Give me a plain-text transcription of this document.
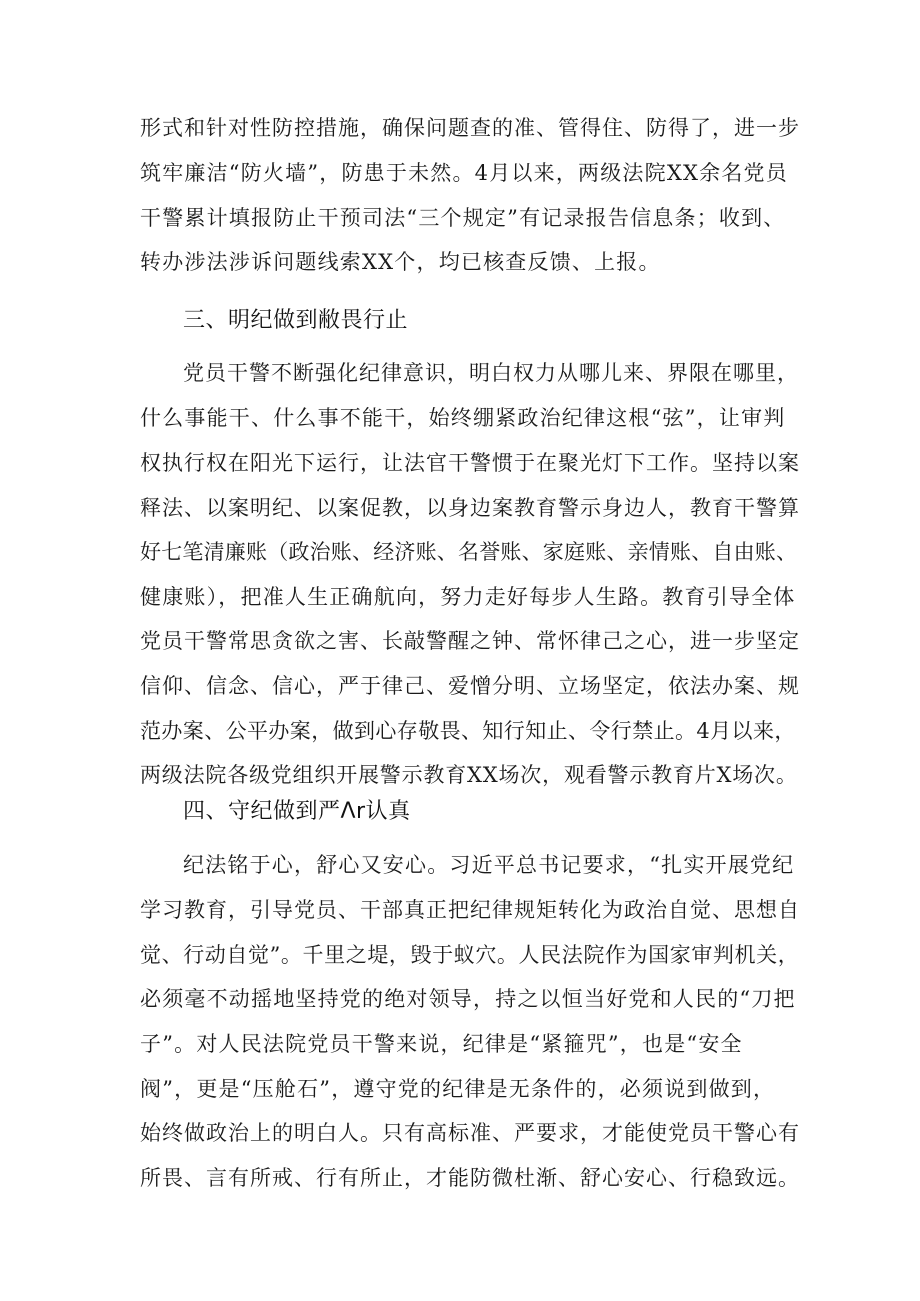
形式和针对性防控措施，确保问题查的准、管得住、防得了，进一步
筑牢廉洁“防火墙”，防患于未然。4月以来，两级法院XX余名党员
干警累计填报防止干预司法“三个规定”有记录报告信息条；收到、
转办涉法涉诉问题线索XX个，均已核查反馈、上报。
三、明纪做到敝畏行止
党员干警不断强化纪律意识，明白权力从哪儿来、界限在哪里，
什么事能干、什么事不能干，始终绷紧政治纪律这根“弦”，让审判
权执行权在阳光下运行，让法官干警惯于在聚光灯下工作。坚持以案
释法、以案明纪、以案促教，以身边案教育警示身边人，教育干警算
好七笔清廉账（政治账、经济账、名誉账、家庭账、亲情账、自由账、
健康账），把准人生正确航向，努力走好每步人生路。教育引导全体
党员干警常思贪欲之害、长敲警醒之钟、常怀律己之心，进一步坚定
信仰、信念、信心，严于律己、爱憎分明、立场坚定，依法办案、规
范办案、公平办案，做到心存敬畏、知行知止、令行禁止。4月以来，
两级法院各级党组织开展警示教育XX场次，观看警示教育片X场次。
四、守纪做到严Λr认真
纪法铭于心，舒心又安心。习近平总书记要求，“扎实开展党纪
学习教育，引导党员、干部真正把纪律规矩转化为政治自觉、思想自
觉、行动自觉”。千里之堤，毁于蚁穴。人民法院作为国家审判机关，
必须毫不动摇地坚持党的绝对领导，持之以恒当好党和人民的“刀把
子”。对人民法院党员干警来说，纪律是“紧箍咒”，也是“安全
阀”，更是“压舱石”，遵守党的纪律是无条件的，必须说到做到，
始终做政治上的明白人。只有高标准、严要求，才能使党员干警心有
所畏、言有所戒、行有所止，才能防微杜渐、舒心安心、行稳致远。
